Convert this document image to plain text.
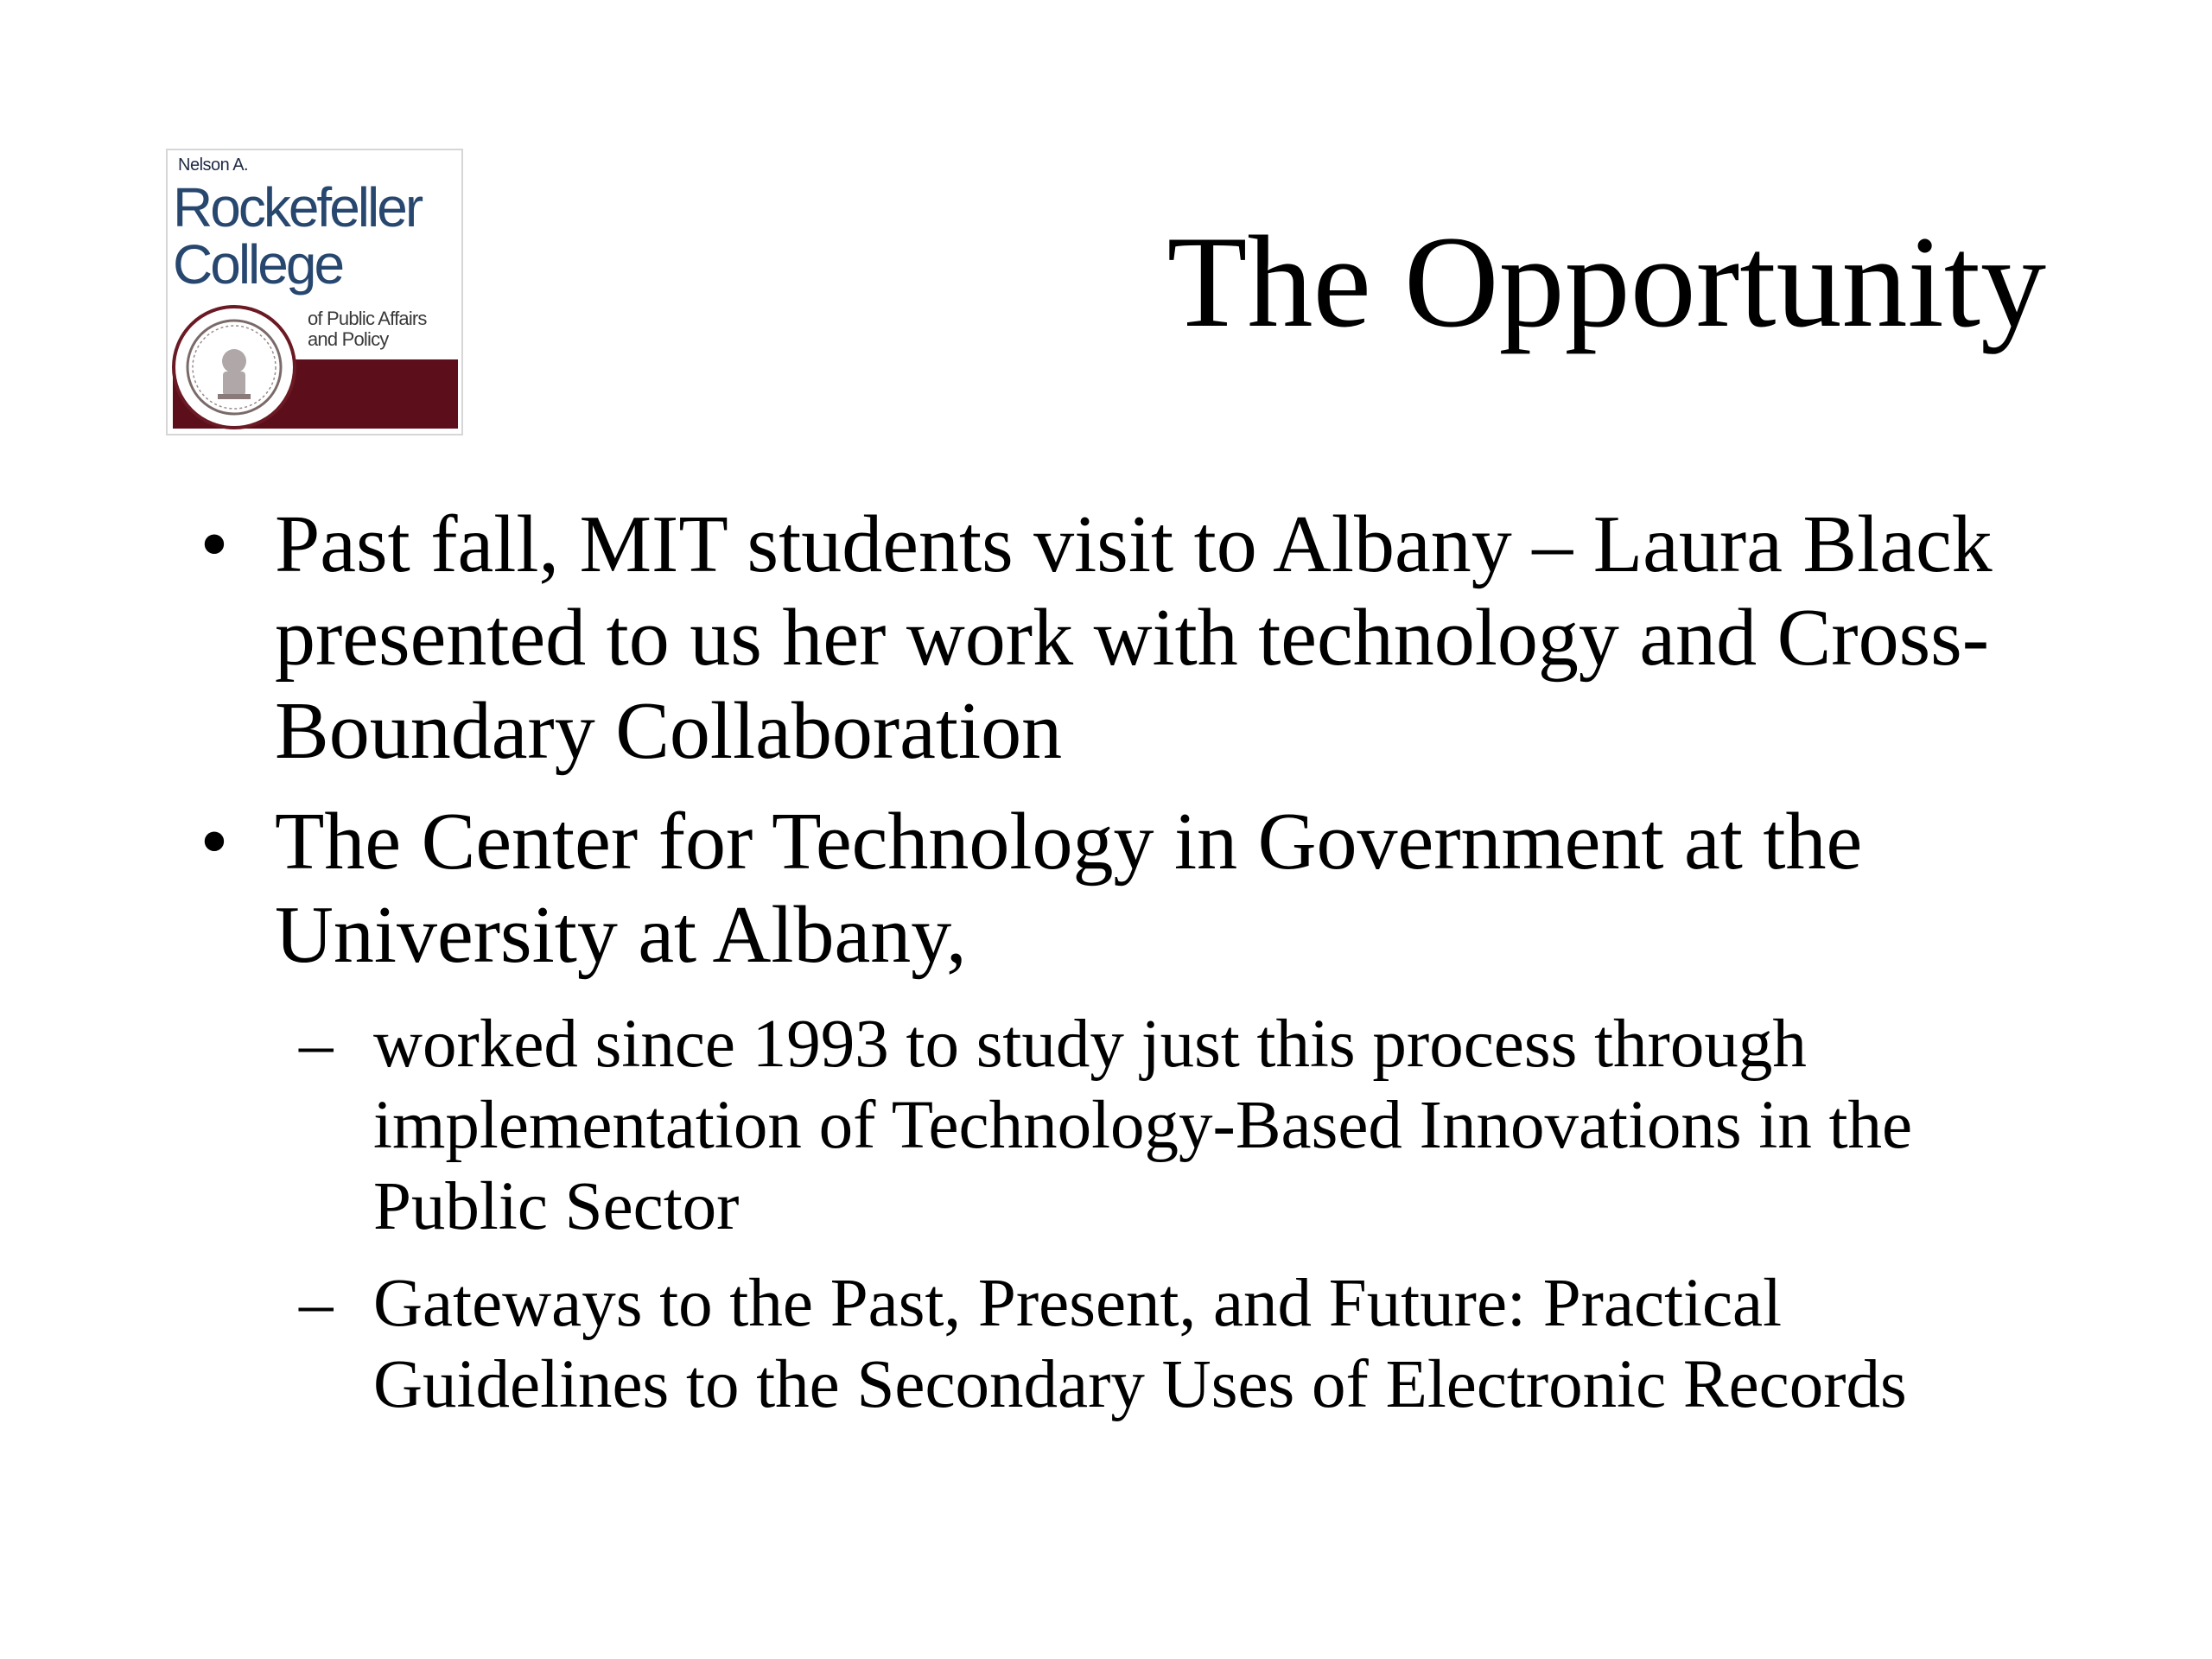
Nelson A.
Rockefeller
College
of Public Affairs
and Policy	The Opportunity
• Past fall, MIT students visit to Albany – Laura Black presented to us her work with technology and Cross-Boundary Collaboration
• The Center for Technology in Government at the University at Albany,
– worked since 1993 to study just this process through implementation of Technology-Based Innovations in the Public Sector
– Gateways to the Past, Present, and Future: Practical Guidelines to the Secondary Uses of Electronic Records
